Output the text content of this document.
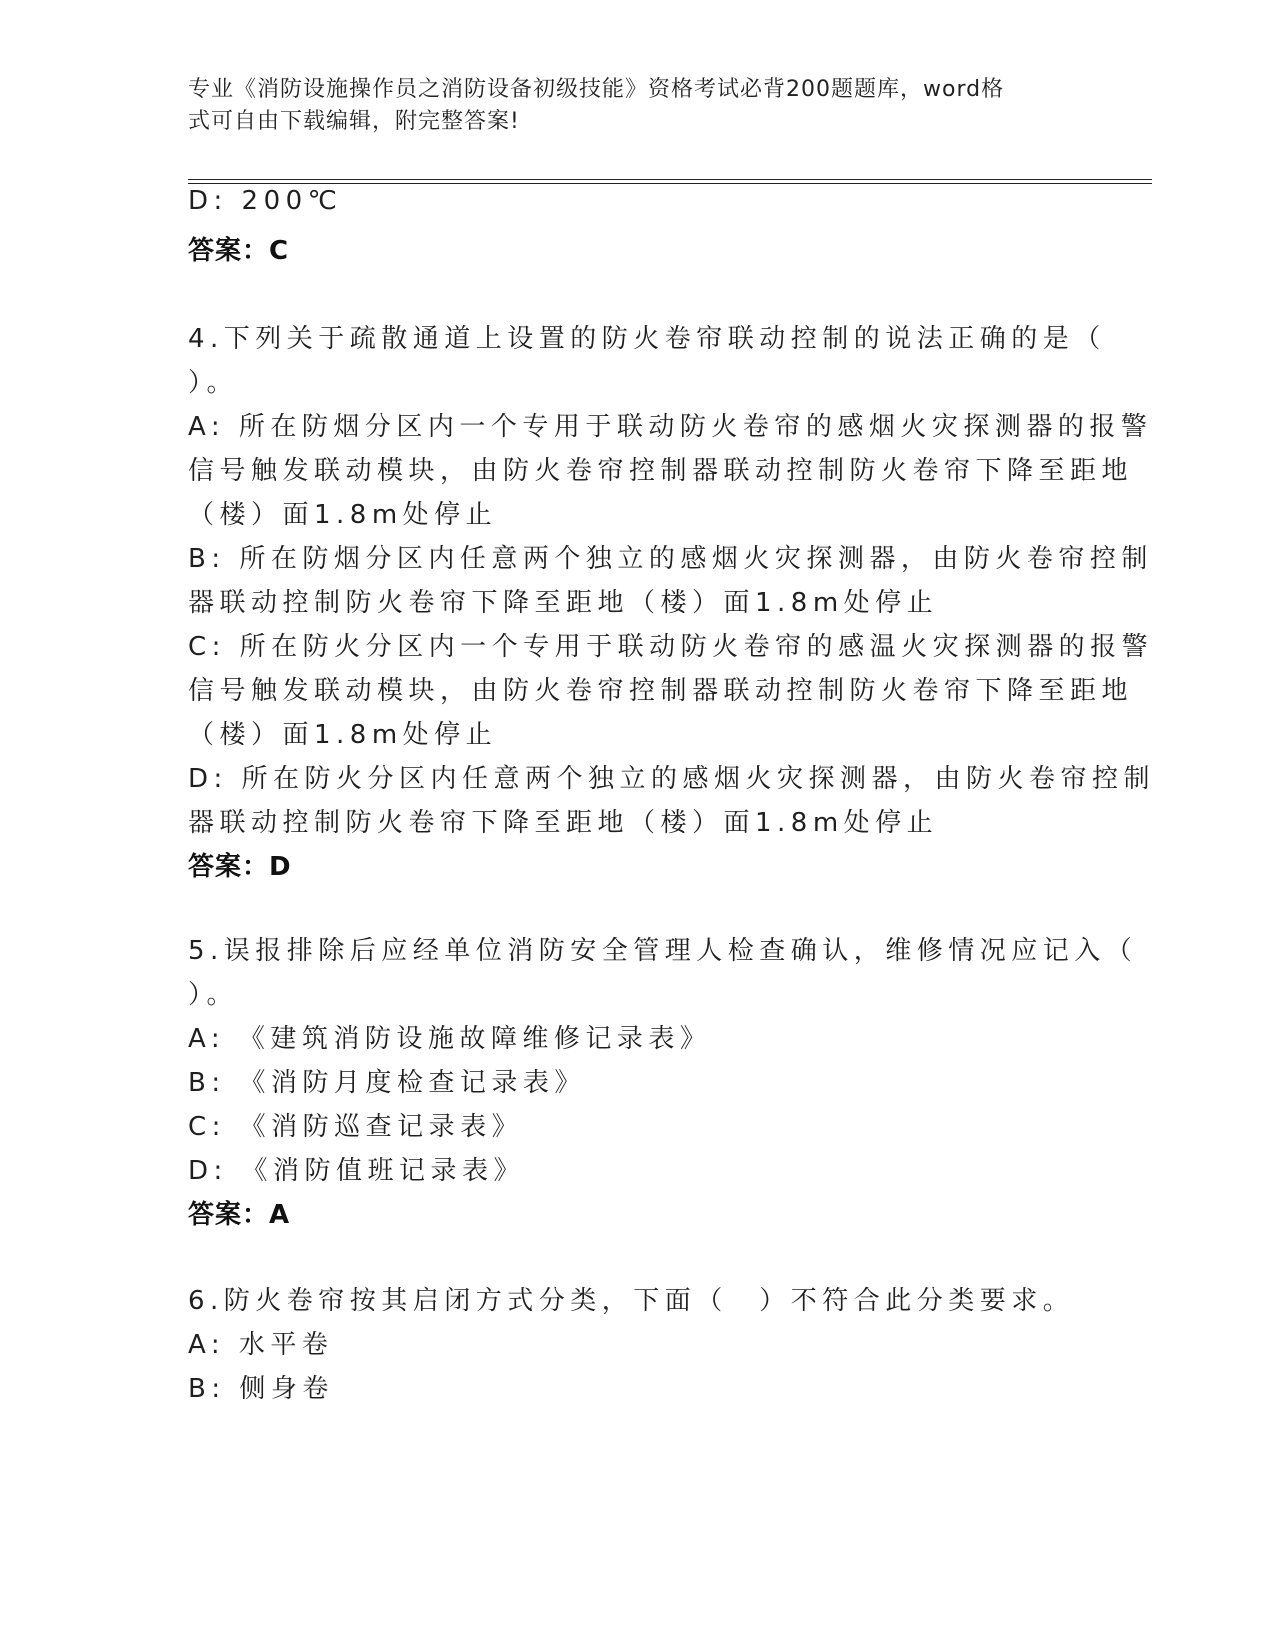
专业《消防设施操作员之消防设备初级技能》资格考试必背200题题库，word格
式可自由下载编辑，附完整答案!
D: 200℃
答案：C
4.下列关于疏散通道上设置的防火卷帘联动控制的说法正确的是（
）。
A: 所在防烟分区内一个专用于联动防火卷帘的感烟火灾探测器的报警
信号触发联动模块，由防火卷帘控制器联动控制防火卷帘下降至距地
（楼）面1.8m处停止
B: 所在防烟分区内任意两个独立的感烟火灾探测器，由防火卷帘控制
器联动控制防火卷帘下降至距地（楼）面1.8m处停止
C: 所在防火分区内一个专用于联动防火卷帘的感温火灾探测器的报警
信号触发联动模块，由防火卷帘控制器联动控制防火卷帘下降至距地
（楼）面1.8m处停止
D: 所在防火分区内任意两个独立的感烟火灾探测器，由防火卷帘控制
器联动控制防火卷帘下降至距地（楼）面1.8m处停止
答案：D
5.误报排除后应经单位消防安全管理人检查确认，维修情况应记入（
）。
A: 《建筑消防设施故障维修记录表》
B: 《消防月度检查记录表》
C: 《消防巡查记录表》
D: 《消防值班记录表》
答案：A
6.防火卷帘按其启闭方式分类，下面（　）不符合此分类要求。
A: 水平卷
B: 侧身卷
